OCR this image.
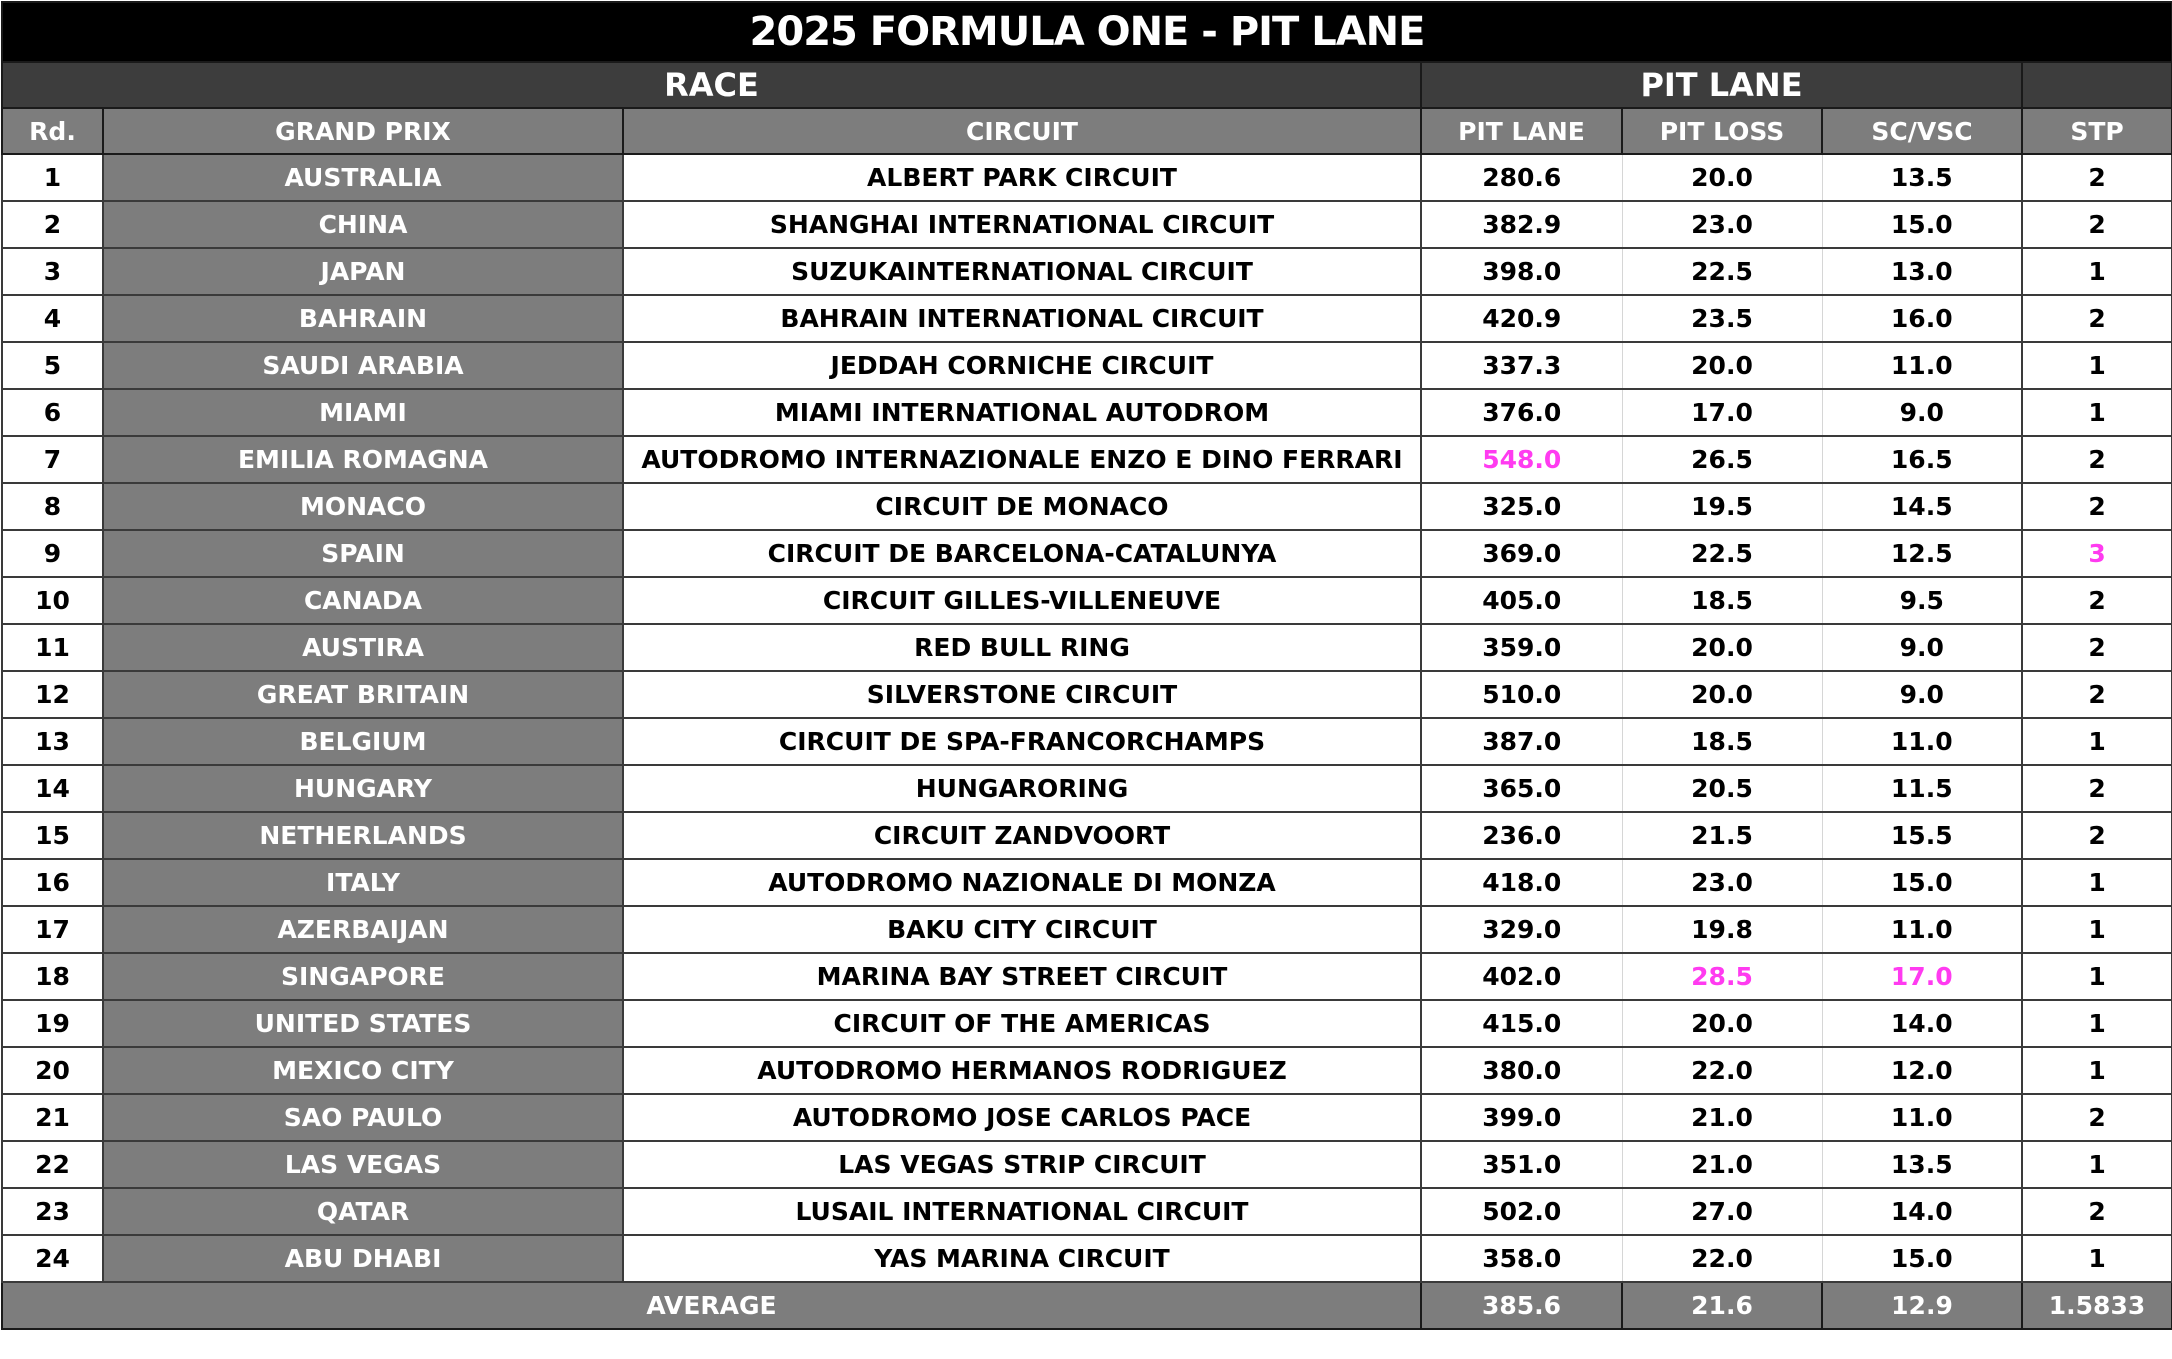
2025 FORMULA ONE - PIT LANE						
RACE			PIT LANE			
Rd.	GRAND PRIX	CIRCUIT	PIT LANE	PIT LOSS	SC/VSC	STP
1	AUSTRALIA	ALBERT PARK CIRCUIT	280.6	20.0	13.5	2
2	CHINA	SHANGHAI INTERNATIONAL CIRCUIT	382.9	23.0	15.0	2
3	JAPAN	SUZUKAINTERNATIONAL CIRCUIT	398.0	22.5	13.0	1
4	BAHRAIN	BAHRAIN INTERNATIONAL CIRCUIT	420.9	23.5	16.0	2
5	SAUDI ARABIA	JEDDAH CORNICHE CIRCUIT	337.3	20.0	11.0	1
6	MIAMI	MIAMI INTERNATIONAL AUTODROM	376.0	17.0	9.0	1
7	EMILIA ROMAGNA	AUTODROMO INTERNAZIONALE ENZO E DINO FERRARI	548.0	26.5	16.5	2
8	MONACO	CIRCUIT DE MONACO	325.0	19.5	14.5	2
9	SPAIN	CIRCUIT DE BARCELONA-CATALUNYA	369.0	22.5	12.5	3
10	CANADA	CIRCUIT GILLES-VILLENEUVE	405.0	18.5	9.5	2
11	AUSTIRA	RED BULL RING	359.0	20.0	9.0	2
12	GREAT BRITAIN	SILVERSTONE CIRCUIT	510.0	20.0	9.0	2
13	BELGIUM	CIRCUIT DE SPA-FRANCORCHAMPS	387.0	18.5	11.0	1
14	HUNGARY	HUNGARORING	365.0	20.5	11.5	2
15	NETHERLANDS	CIRCUIT ZANDVOORT	236.0	21.5	15.5	2
16	ITALY	AUTODROMO NAZIONALE DI MONZA	418.0	23.0	15.0	1
17	AZERBAIJAN	BAKU CITY CIRCUIT	329.0	19.8	11.0	1
18	SINGAPORE	MARINA BAY STREET CIRCUIT	402.0	28.5	17.0	1
19	UNITED STATES	CIRCUIT OF THE AMERICAS	415.0	20.0	14.0	1
20	MEXICO CITY	AUTODROMO HERMANOS RODRIGUEZ	380.0	22.0	12.0	1
21	SAO PAULO	AUTODROMO JOSE CARLOS PACE	399.0	21.0	11.0	2
22	LAS VEGAS	LAS VEGAS STRIP CIRCUIT	351.0	21.0	13.5	1
23	QATAR	LUSAIL INTERNATIONAL CIRCUIT	502.0	27.0	14.0	2
24	ABU DHABI	YAS MARINA CIRCUIT	358.0	22.0	15.0	1
AVERAGE			385.6	21.6	12.9	1.5833
